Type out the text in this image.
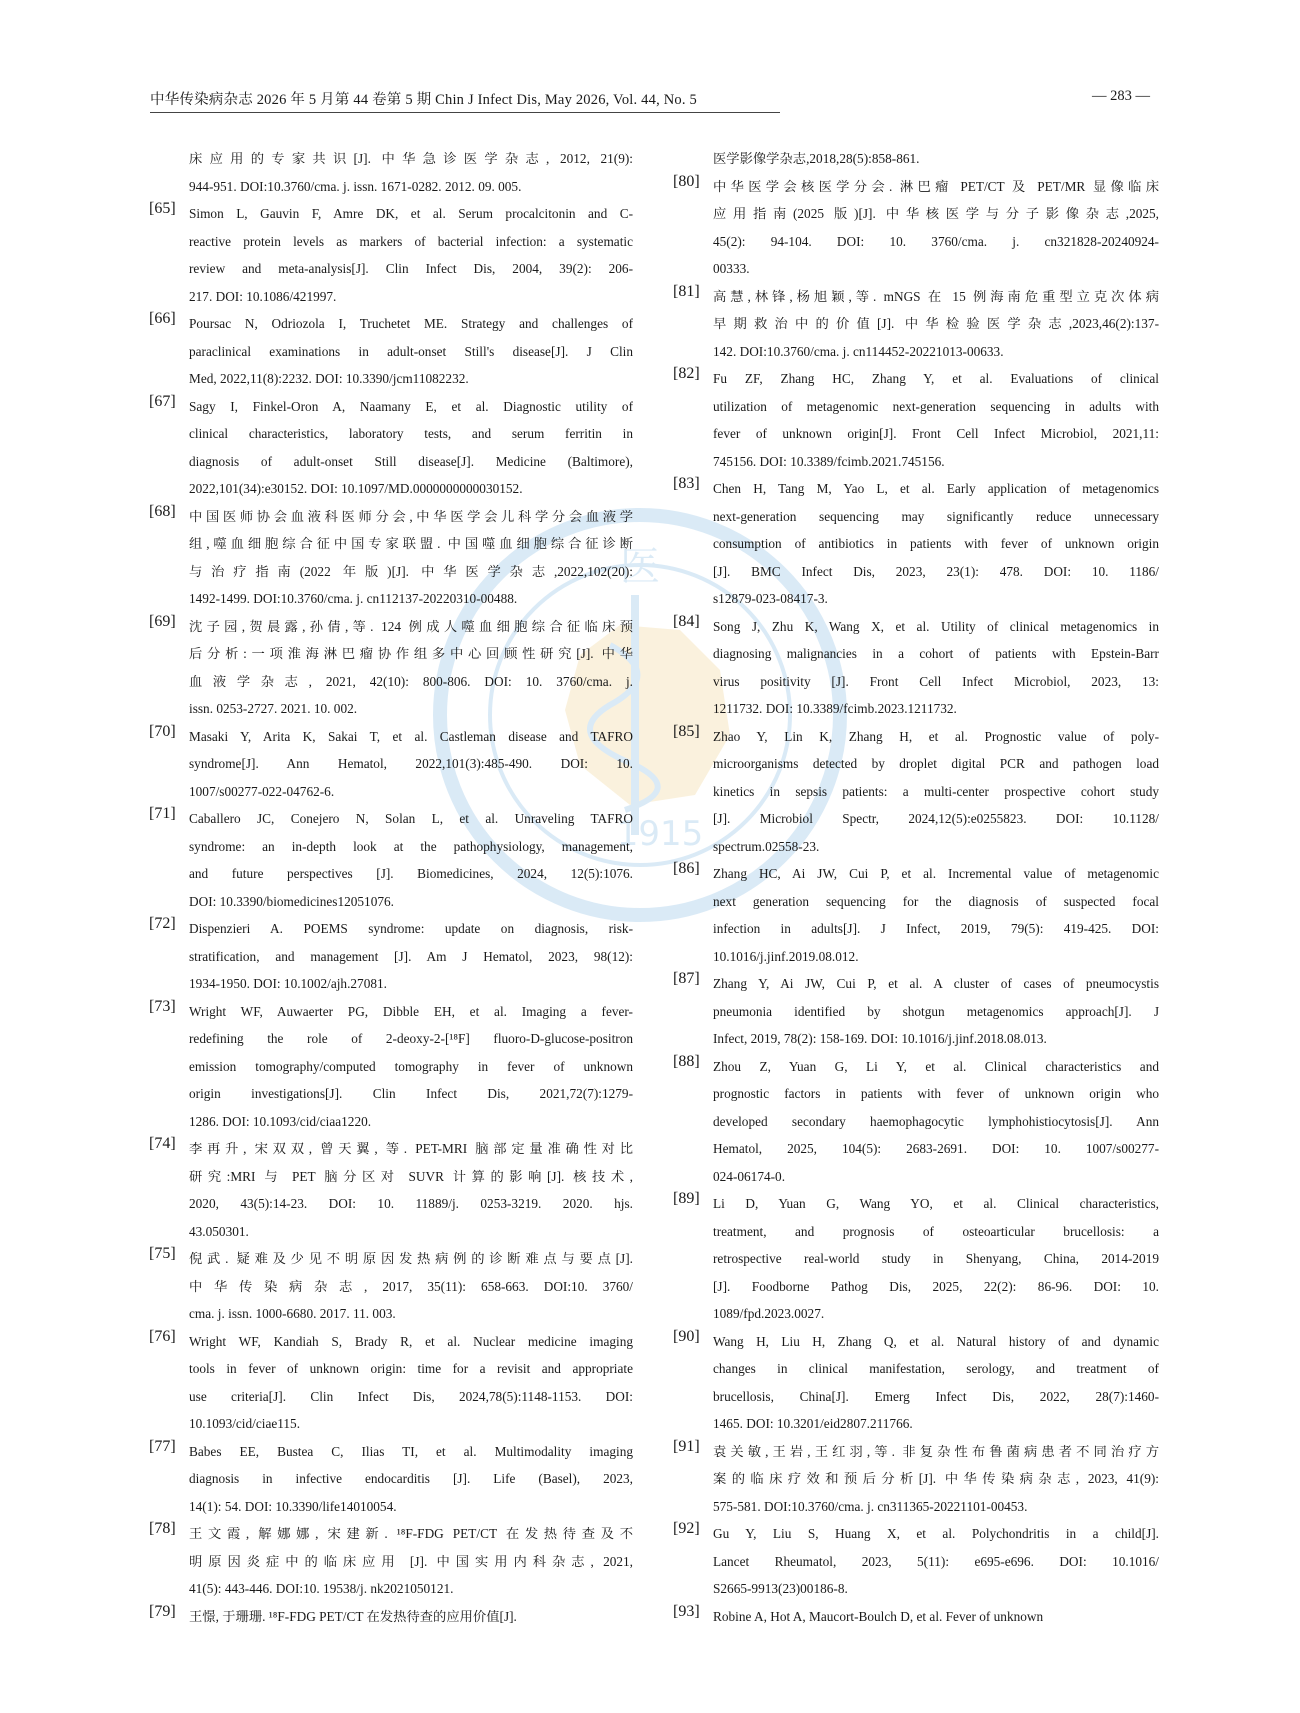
医
1915
中华传染病杂志 2026 年 5 月第 44 卷第 5 期 Chin J Infect Dis, May 2026, Vol. 44, No. 5	— 283 —
床应用的专家共识[J]. 中华急诊医学杂志, 2012, 21(9):
944-951. DOI:10.3760/cma. j. issn. 1671-0282. 2012. 09. 005.
[65] Simon L, Gauvin F, Amre DK, et al. Serum procalcitonin and C-
reactive protein levels as markers of bacterial infection: a systematic
review and meta-analysis[J]. Clin Infect Dis, 2004, 39(2): 206-
217. DOI: 10.1086/421997.
[66] Poursac N, Odriozola I, Truchetet ME. Strategy and challenges of
paraclinical examinations in adult-onset Still's disease[J]. J Clin
Med, 2022,11(8):2232. DOI: 10.3390/jcm11082232.
[67] Sagy I, Finkel-Oron A, Naamany E, et al. Diagnostic utility of
clinical characteristics, laboratory tests, and serum ferritin in
diagnosis of adult-onset Still disease[J]. Medicine (Baltimore),
2022,101(34):e30152. DOI: 10.1097/MD.0000000000030152.
[68] 中国医师协会血液科医师分会,中华医学会儿科学分会血液学
组,噬血细胞综合征中国专家联盟. 中国噬血细胞综合征诊断
与治疗指南(2022 年版)[J]. 中华医学杂志,2022,102(20):
1492-1499. DOI:10.3760/cma. j. cn112137-20220310-00488.
[69] 沈子园,贺晨露,孙倩,等. 124 例成人噬血细胞综合征临床预
后分析:一项淮海淋巴瘤协作组多中心回顾性研究[J]. 中华
血液学杂志, 2021, 42(10): 800-806. DOI: 10. 3760/cma. j.
issn. 0253-2727. 2021. 10. 002.
[70] Masaki Y, Arita K, Sakai T, et al. Castleman disease and TAFRO
syndrome[J]. Ann Hematol, 2022,101(3):485-490. DOI: 10.
1007/s00277-022-04762-6.
[71] Caballero JC, Conejero N, Solan L, et al. Unraveling TAFRO
syndrome: an in-depth look at the pathophysiology, management,
and future perspectives [J]. Biomedicines, 2024, 12(5):1076.
DOI: 10.3390/biomedicines12051076.
[72] Dispenzieri A. POEMS syndrome: update on diagnosis, risk-
stratification, and management [J]. Am J Hematol, 2023, 98(12):
1934-1950. DOI: 10.1002/ajh.27081.
[73] Wright WF, Auwaerter PG, Dibble EH, et al. Imaging a fever-
redefining the role of 2-deoxy-2-[¹⁸F] fluoro-D-glucose-positron
emission tomography/computed tomography in fever of unknown
origin investigations[J]. Clin Infect Dis, 2021,72(7):1279-
1286. DOI: 10.1093/cid/ciaa1220.
[74] 李再升, 宋双双, 曾天翼, 等. PET-MRI 脑部定量准确性对比
研究:MRI 与 PET 脑分区对 SUVR 计算的影响[J]. 核技术,
2020, 43(5):14-23. DOI: 10. 11889/j. 0253-3219. 2020. hjs.
43.050301.
[75] 倪武. 疑难及少见不明原因发热病例的诊断难点与要点[J].
中华传染病杂志, 2017, 35(11): 658-663. DOI:10. 3760/
cma. j. issn. 1000-6680. 2017. 11. 003.
[76] Wright WF, Kandiah S, Brady R, et al. Nuclear medicine imaging
tools in fever of unknown origin: time for a revisit and appropriate
use criteria[J]. Clin Infect Dis, 2024,78(5):1148-1153. DOI:
10.1093/cid/ciae115.
[77] Babes EE, Bustea C, Ilias TI, et al. Multimodality imaging
diagnosis in infective endocarditis [J]. Life (Basel), 2023,
14(1): 54. DOI: 10.3390/life14010054.
[78] 王文霞, 解娜娜, 宋建新. ¹⁸F-FDG PET/CT 在发热待查及不
明原因炎症中的临床应用 [J]. 中国实用内科杂志, 2021,
41(5): 443-446. DOI:10. 19538/j. nk2021050121.
[79] 王憬, 于珊珊. ¹⁸F-FDG PET/CT 在发热待查的应用价值[J].
医学影像学杂志,2018,28(5):858-861.
[80] 中华医学会核医学分会. 淋巴瘤 PET/CT 及 PET/MR 显像临床
应用指南(2025 版)[J]. 中华核医学与分子影像杂志,2025,
45(2): 94-104. DOI: 10. 3760/cma. j. cn321828-20240924-
00333.
[81] 高慧,林锋,杨旭颖,等. mNGS 在 15 例海南危重型立克次体病
早期救治中的价值[J]. 中华检验医学杂志,2023,46(2):137-
142. DOI:10.3760/cma. j. cn114452-20221013-00633.
[82] Fu ZF, Zhang HC, Zhang Y, et al. Evaluations of clinical
utilization of metagenomic next-generation sequencing in adults with
fever of unknown origin[J]. Front Cell Infect Microbiol, 2021,11:
745156. DOI: 10.3389/fcimb.2021.745156.
[83] Chen H, Tang M, Yao L, et al. Early application of metagenomics
next-generation sequencing may significantly reduce unnecessary
consumption of antibiotics in patients with fever of unknown origin
[J]. BMC Infect Dis, 2023, 23(1): 478. DOI: 10. 1186/
s12879-023-08417-3.
[84] Song J, Zhu K, Wang X, et al. Utility of clinical metagenomics in
diagnosing malignancies in a cohort of patients with Epstein-Barr
virus positivity [J]. Front Cell Infect Microbiol, 2023, 13:
1211732. DOI: 10.3389/fcimb.2023.1211732.
[85] Zhao Y, Lin K, Zhang H, et al. Prognostic value of poly-
microorganisms detected by droplet digital PCR and pathogen load
kinetics in sepsis patients: a multi-center prospective cohort study
[J]. Microbiol Spectr, 2024,12(5):e0255823. DOI: 10.1128/
spectrum.02558-23.
[86] Zhang HC, Ai JW, Cui P, et al. Incremental value of metagenomic
next generation sequencing for the diagnosis of suspected focal
infection in adults[J]. J Infect, 2019, 79(5): 419-425. DOI:
10.1016/j.jinf.2019.08.012.
[87] Zhang Y, Ai JW, Cui P, et al. A cluster of cases of pneumocystis
pneumonia identified by shotgun metagenomics approach[J]. J
Infect, 2019, 78(2): 158-169. DOI: 10.1016/j.jinf.2018.08.013.
[88] Zhou Z, Yuan G, Li Y, et al. Clinical characteristics and
prognostic factors in patients with fever of unknown origin who
developed secondary haemophagocytic lymphohistiocytosis[J]. Ann
Hematol, 2025, 104(5): 2683-2691. DOI: 10. 1007/s00277-
024-06174-0.
[89] Li D, Yuan G, Wang YO, et al. Clinical characteristics,
treatment, and prognosis of osteoarticular brucellosis: a
retrospective real-world study in Shenyang, China, 2014-2019
[J]. Foodborne Pathog Dis, 2025, 22(2): 86-96. DOI: 10.
1089/fpd.2023.0027.
[90] Wang H, Liu H, Zhang Q, et al. Natural history of and dynamic
changes in clinical manifestation, serology, and treatment of
brucellosis, China[J]. Emerg Infect Dis, 2022, 28(7):1460-
1465. DOI: 10.3201/eid2807.211766.
[91] 袁关敏,王岩,王红羽,等. 非复杂性布鲁菌病患者不同治疗方
案的临床疗效和预后分析[J]. 中华传染病杂志, 2023, 41(9):
575-581. DOI:10.3760/cma. j. cn311365-20221101-00453.
[92] Gu Y, Liu S, Huang X, et al. Polychondritis in a child[J].
Lancet Rheumatol, 2023, 5(11): e695-e696. DOI: 10.1016/
S2665-9913(23)00186-8.
[93] Robine A, Hot A, Maucort-Boulch D, et al. Fever of unknown
